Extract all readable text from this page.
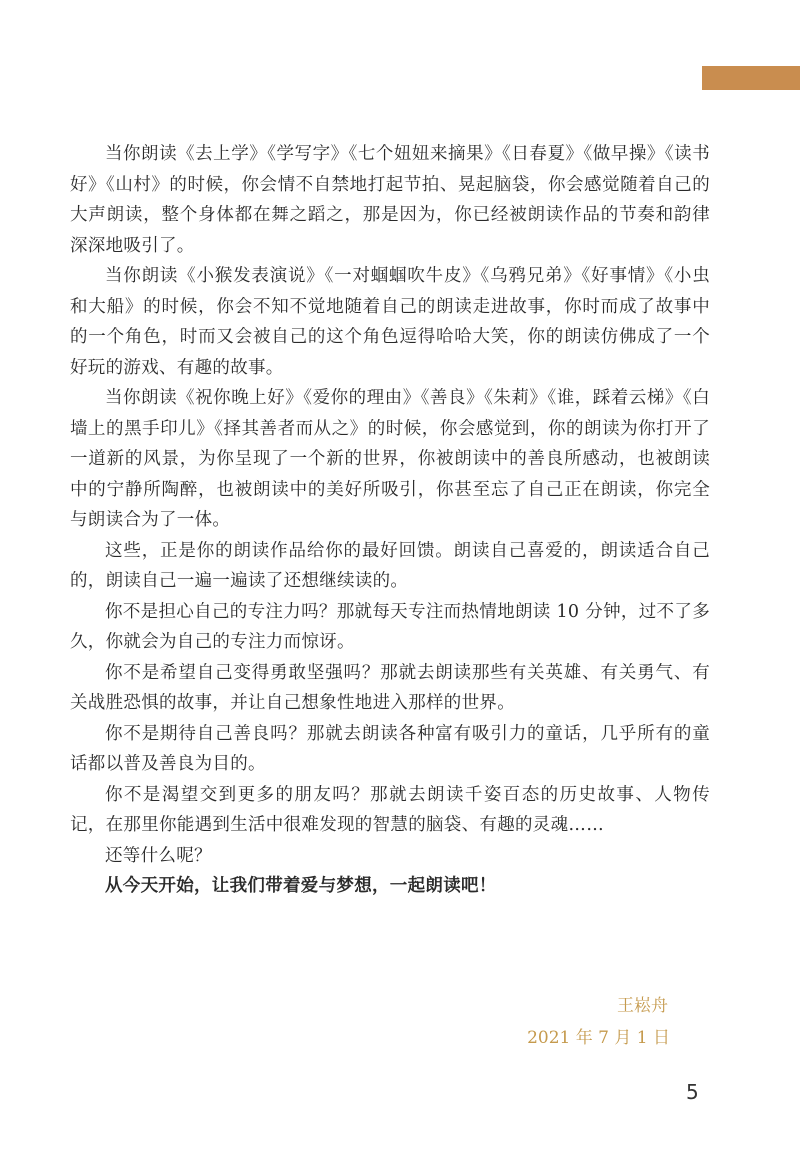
当你朗读《去上学》《学写字》《七个妞妞来摘果》《日春夏》《做早操》《读书好》《山村》的时候，你会情不自禁地打起节拍、晃起脑袋，你会感觉随着自己的大声朗读，整个身体都在舞之蹈之，那是因为，你已经被朗读作品的节奏和韵律深深地吸引了。

当你朗读《小猴发表演说》《一对蝈蝈吹牛皮》《乌鸦兄弟》《好事情》《小虫和大船》的时候，你会不知不觉地随着自己的朗读走进故事，你时而成了故事中的一个角色，时而又会被自己的这个角色逗得哈哈大笑，你的朗读仿佛成了一个好玩的游戏、有趣的故事。

当你朗读《祝你晚上好》《爱你的理由》《善良》《朱莉》《谁，踩着云梯》《白墙上的黑手印儿》《择其善者而从之》的时候，你会感觉到，你的朗读为你打开了一道新的风景，为你呈现了一个新的世界，你被朗读中的善良所感动，也被朗读中的宁静所陶醉，也被朗读中的美好所吸引，你甚至忘了自己正在朗读，你完全与朗读合为了一体。

这些，正是你的朗读作品给你的最好回馈。朗读自己喜爱的，朗读适合自己的，朗读自己一遍一遍读了还想继续读的。

你不是担心自己的专注力吗？那就每天专注而热情地朗读 10 分钟，过不了多久，你就会为自己的专注力而惊讶。

你不是希望自己变得勇敢坚强吗？那就去朗读那些有关英雄、有关勇气、有关战胜恐惧的故事，并让自己想象性地进入那样的世界。

你不是期待自己善良吗？那就去朗读各种富有吸引力的童话，几乎所有的童话都以普及善良为目的。

你不是渴望交到更多的朋友吗？那就去朗读千姿百态的历史故事、人物传记，在那里你能遇到生活中很难发现的智慧的脑袋、有趣的灵魂……

还等什么呢？

从今天开始，让我们带着爱与梦想，一起朗读吧！

王崧舟
2021 年 7 月 1 日
5
